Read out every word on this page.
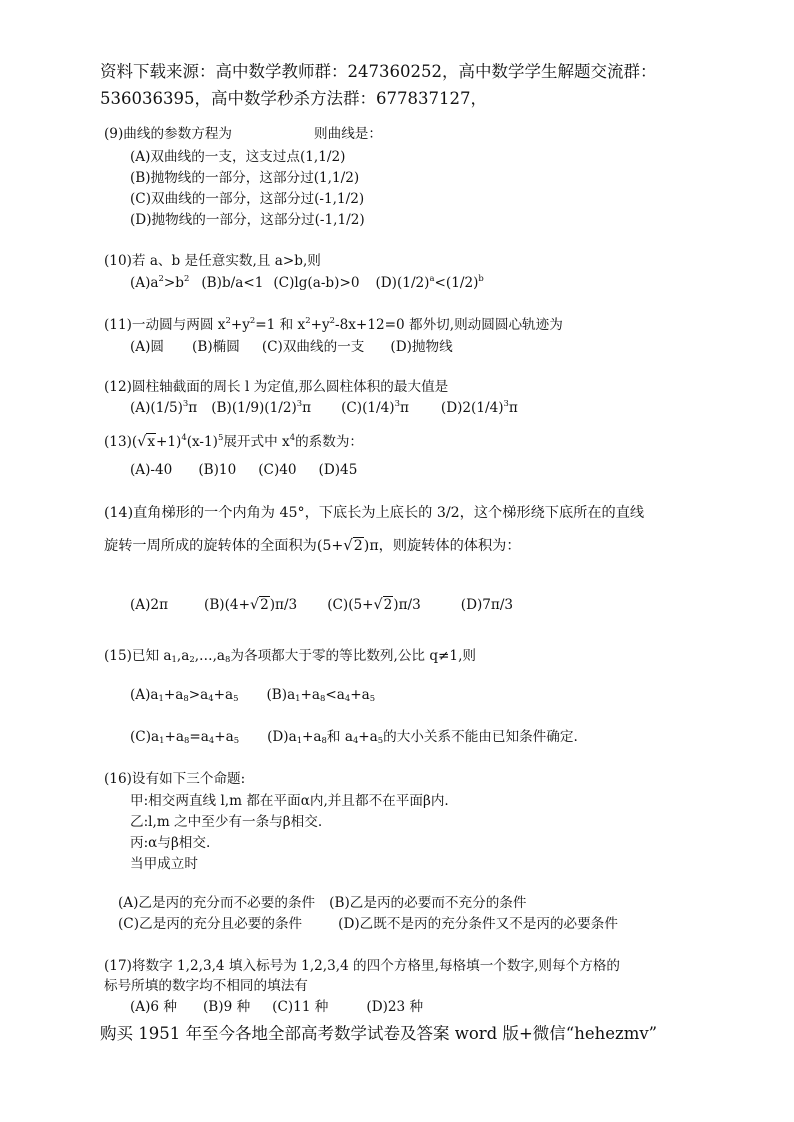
资料下载来源：高中数学教师群：247360252，高中数学学生解题交流群：
536036395，高中数学秒杀方法群：677837127，
(9)曲线的参数方程为	则曲线是：
(A)双曲线的一支，这支过点(1,1/2)
(B)抛物线的一部分，这部分过(1,1/2)
(C)双曲线的一部分，这部分过(-1,1/2)
(D)抛物线的一部分，这部分过(-1,1/2)
(10)若 a、b 是任意实数,且 a>b,则
$(A)a^2>b^2$ (B)b/a<1 (C)lg(a-b)>0 $(D)(1/2)^a<(1/2)^b$
(11)一动圆与两圆 $x^2+y^2=1$ 和 $x^2+y^2-8x+12=0$ 都外切,则动圆圆心轨迹为
(A)圆 (B)椭圆 (C)双曲线的一支 (D)抛物线
(12)圆柱轴截面的周长 l 为定值,那么圆柱体积的最大值是
$(A)(1/5)^3\pi$ $(B)(1/9)(1/2)^3\pi$ $(C)(1/4)^3\pi$ $(D)2(1/4)^3\pi$
$(13)(√x+1)^4(x-1)^5$展开式中 $x^4$的系数为：
(A)-40 (B)10 (C)40 (D)45
(14)直角梯形的一个内角为 45°，下底长为上底长的 3/2，这个梯形绕下底所在的直线
旋转一周所成的旋转体的全面积为(5+√2)π，则旋转体的体积为：
(A)2π	(B)(4+√2)π/3 (C)(5+√2)π/3	(D)7π/3
(15)已知 $a_1,a_2,\dots,a_8$为各项都大于零的等比数列,公比 q≠1,则
$(A)a_1+a_8>a_4+a_5$ $(B)a_1+a_8<a_4+a_5$
$(C)a_1+a_8=a_4+a_5$ $(D)a_1+a_8$和 $a_4+a_5$的大小关系不能由已知条件确定.
(16)设有如下三个命题:
甲:相交两直线 l,m 都在平面α内,并且都不在平面β内.
乙:l,m 之中至少有一条与β相交.
丙:α与β相交.
当甲成立时
(A)乙是丙的充分而不必要的条件 (B)乙是丙的必要而不充分的条件
(C)乙是丙的充分且必要的条件	(D)乙既不是丙的充分条件又不是丙的必要条件
(17)将数字 1,2,3,4 填入标号为 1,2,3,4 的四个方格里,每格填一个数字,则每个方格的
标号所填的数字均不相同的填法有
(A)6 种 (B)9 种 (C)11 种	(D)23 种
购买 1951 年至今各地全部高考数学试卷及答案 word 版+微信“hehezmv”
